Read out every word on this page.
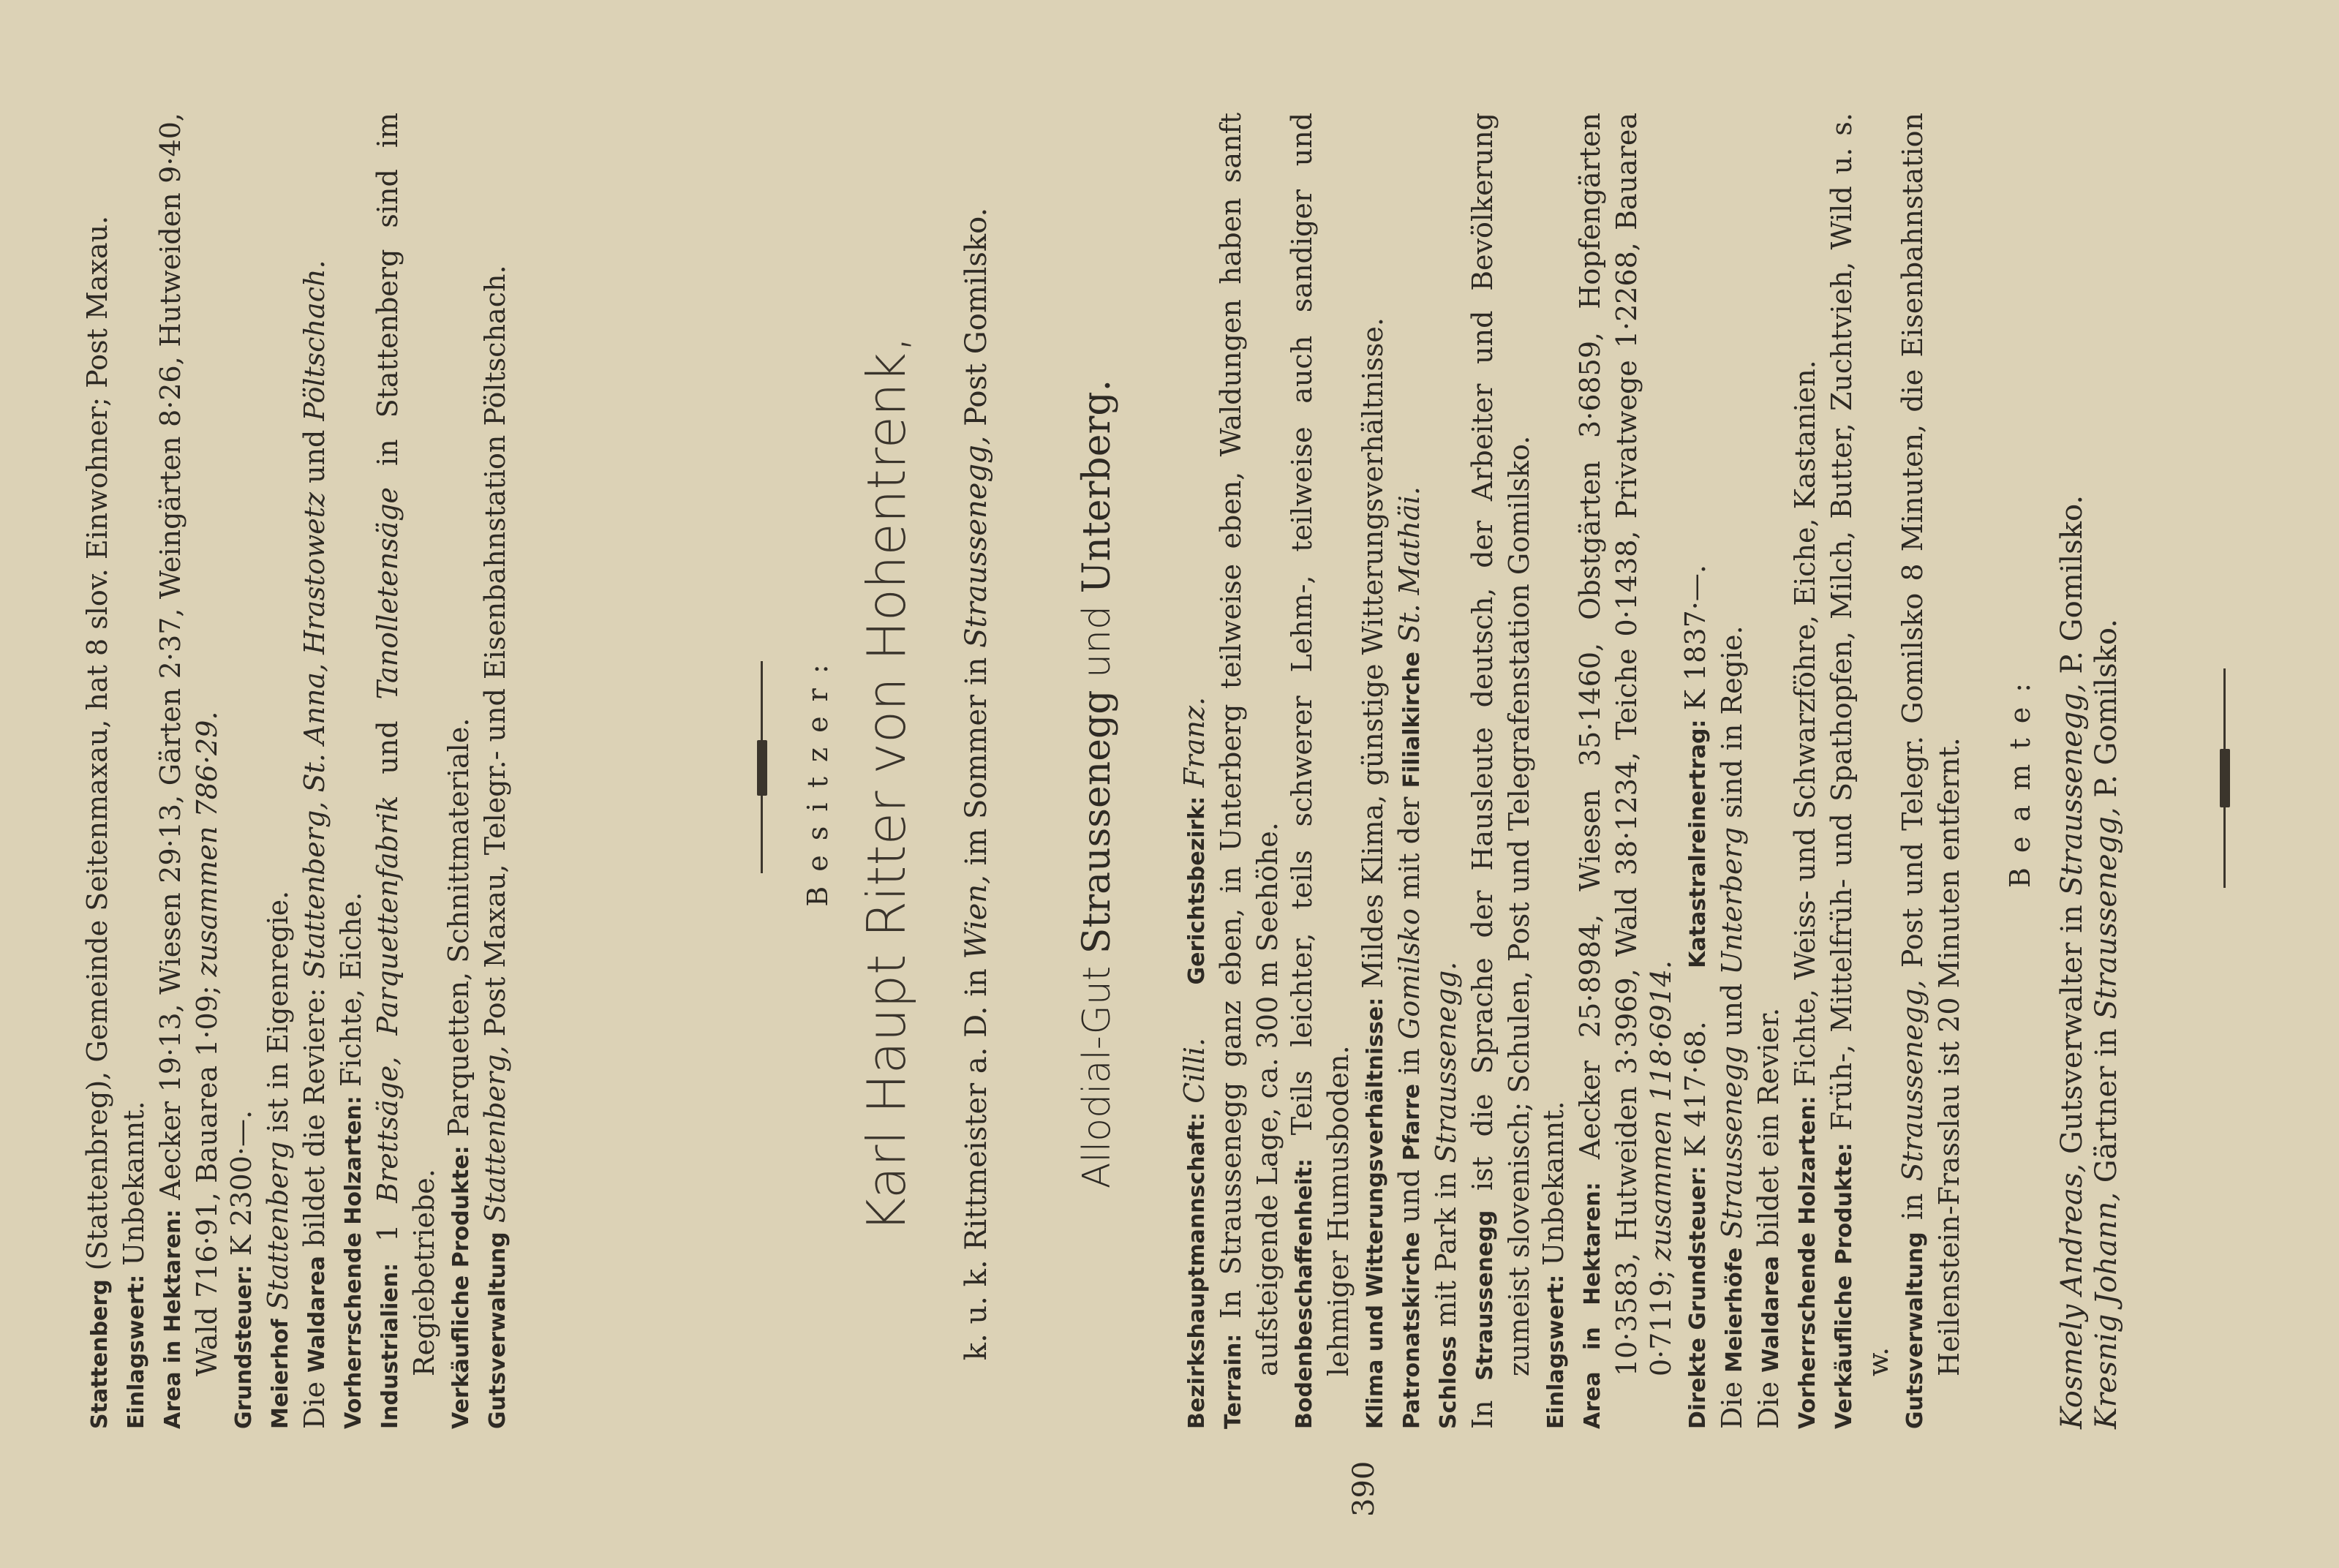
390

Stattenberg (Stattenbreg), Gemeinde Seitenmaxau, hat 8 slov. Einwohner; Post Maxau.

Einlagswert: Unbekannt.

Area in Hektaren: Aecker 19·13, Wiesen 29·13, Gärten 2·37, Weingärten 8·26, Hutweiden 9·40, Wald 716·91, Bauarea 1·09; zusammen 786·29.

Grundsteuer: K 2300·—.

Meierhof Stattenberg ist in Eigenregie.

Die Waldarea bildet die Reviere: Stattenberg, St. Anna, Hrastowetz und Pöltschach.

Vorherrschende Holzarten: Fichte, Eiche.

Industrialien: 1 Brettsäge, Parquettenfabrik und Tanolletensäge in Stattenberg sind im Regiebetriebe. Verkäufliche Produkte: Parquetten, Schnittmateriale.

Gutsverwaltung Stattenberg, Post Maxau, Telegr.- und Eisenbahnstation Pöltschach.	B e s i t z e r : Karl Haupt Ritter von Hohentrenk, k. u. k. Rittmeister a. D. in Wien, im Sommer in Straussenegg, Post Gomilsko.

Allodial-Gut Straussenegg und Unterberg.

Bezirkshauptmannschaft: Cilli.      Gerichtsbezirk: Franz.

Terrain: In Straussenegg ganz eben, in Unterberg teilweise eben, Waldungen haben sanft aufsteigende Lage, ca. 300 m Seehöhe. Bodenbeschaffenheit: Teils leichter, teils schwerer Lehm-, teilweise auch sandiger und lehmiger Humusboden. Klima und Witterungsverhältnisse: Mildes Klima, günstige Witterungsverhältnisse.

Patronatskirche und Pfarre in Gomilsko mit der Filialkirche St. Mathäi.

Schloss mit Park in Straussenegg.

In Straussenegg ist die Sprache der Hausleute deutsch, der Arbeiter und Bevölkerung zumeist slovenisch; Schulen, Post und Telegrafenstation Gomilsko. Einlagswert: Unbekannt. Area in Hektaren: Aecker 25·8984, Wiesen 35·1460, Obstgärten 3·6859, Hopfengärten 10·3583, Hutweiden 3·3969, Wald 38·1234, Teiche 0·1438, Privatwege 1·2268, Bauarea 0·7119; zusammen 118·6914.

Direkte Grundsteuer: K 417·68.      Katastralreinertrag: K 1837·—.

Die Meierhöfe Straussenegg und Unterberg sind in Regie.

Die Waldarea bildet ein Revier. Vorherrschende Holzarten: Fichte, Weiss- und Schwarzföhre, Eiche, Kastanien.

Verkäufliche Produkte: Früh-, Mittelfrüh- und Spathopfen, Milch, Butter, Zuchtvieh, Wild u. s. w. Gutsverwaltung in Straussenegg, Post und Telegr. Gomilsko 8 Minuten, die Eisenbahnstation Heilenstein-Frasslau ist 20 Minuten entfernt. B e a m t e :

Kosmely Andreas, Gutsverwalter in Straussenegg, P. Gomilsko.

Kresnig Johann, Gärtner in Straussenegg, P. Gomilsko.
